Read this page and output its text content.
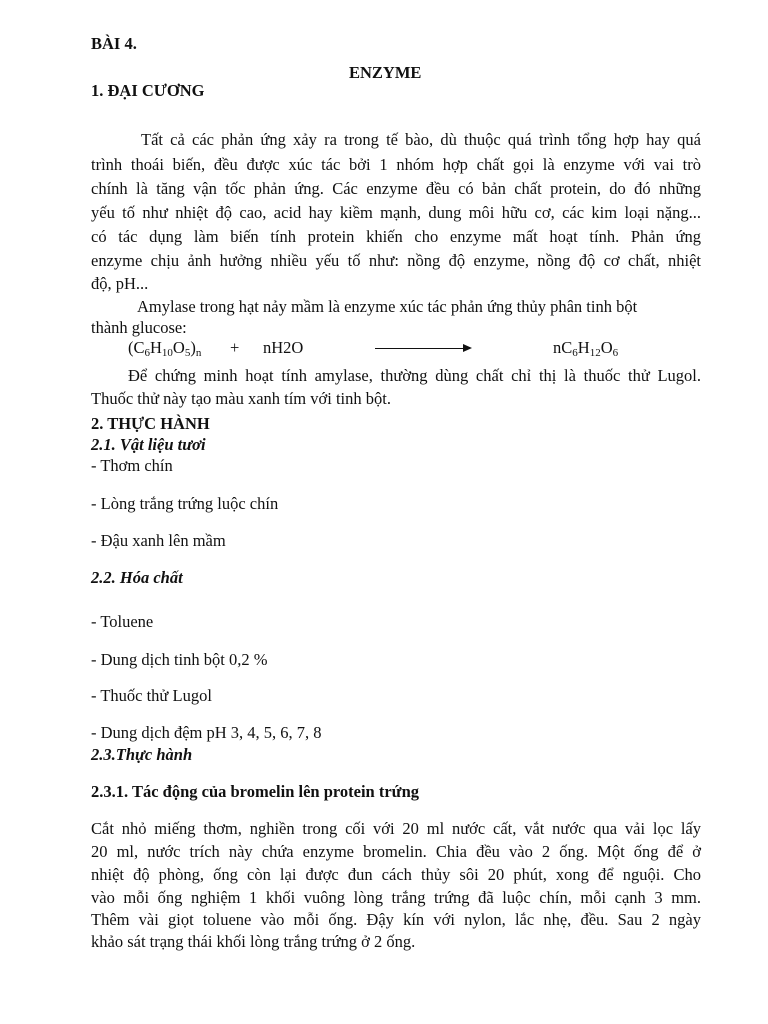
BÀI 4.
ENZYME
1. ĐẠI CƯƠNG
Tất cả các phản ứng xảy ra trong tế bào, dù thuộc quá trình tổng hợp hay quá
trình thoái biến, đều được xúc tác bởi 1 nhóm hợp chất gọi là enzyme với vai trò
chính là tăng vận tốc phản ứng. Các enzyme đều có bản chất protein, do đó những
yếu tố như nhiệt độ cao, acid hay kiềm mạnh, dung môi hữu cơ, các kim loại nặng...
có tác dụng làm biến tính protein khiến cho enzyme mất hoạt tính. Phản ứng
enzyme chịu ảnh hưởng nhiều yếu tố như: nồng độ enzyme, nồng độ cơ chất, nhiệt
độ, pH...
Amylase trong hạt nảy mầm là enzyme xúc tác phản ứng thủy phân tinh bột
thành glucose:
$(C_6H_{10}O_5)_n + nH2O$	$nC_6H_{12}O_6$
Để chứng minh hoạt tính amylase, thường dùng chất chỉ thị là thuốc thử Lugol.
Thuốc thử này tạo màu xanh tím với tinh bột.
2. THỰC HÀNH
2.1. Vật liệu tươi
- Thơm chín
- Lòng trắng trứng luộc chín
- Đậu xanh lên mầm
2.2. Hóa chất
- Toluene
- Dung dịch tinh bột 0,2 %
- Thuốc thử Lugol
- Dung dịch đệm pH 3, 4, 5, 6, 7, 8
2.3.Thực hành
2.3.1. Tác động của bromelin lên protein trứng
Cắt nhỏ miếng thơm, nghiền trong cối với 20 ml nước cất, vắt nước qua vải lọc lấy
20 ml, nước trích này chứa enzyme bromelin. Chia đều vào 2 ống. Một ống để ở
nhiệt độ phòng, ống còn lại được đun cách thủy sôi 20 phút, xong để nguội. Cho
vào mỗi ống nghiệm 1 khối vuông lòng trắng trứng đã luộc chín, mỗi cạnh 3 mm.
Thêm vài giọt toluene vào mỗi ống. Đậy kín với nylon, lắc nhẹ, đều. Sau 2 ngày
khảo sát trạng thái khối lòng trắng trứng ở 2 ống.
